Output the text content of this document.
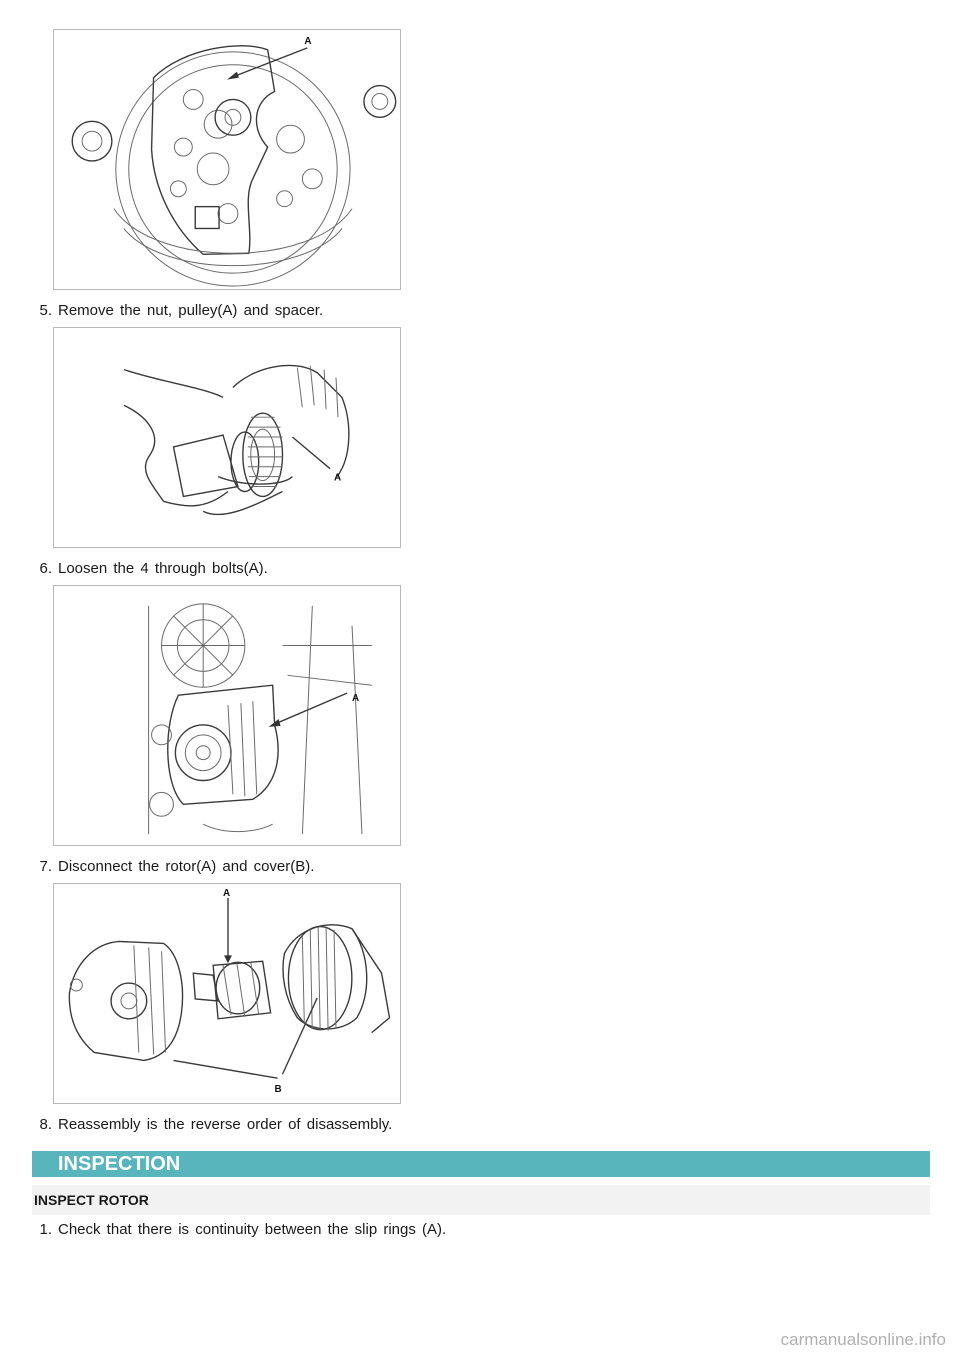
A
5. Remove the nut, pulley(A) and spacer.
A
6. Loosen the 4 through bolts(A).
A
7. Disconnect the rotor(A) and cover(B).
A
B
8. Reassembly is the reverse order of disassembly.
INSPECTION
INSPECT ROTOR
1. Check that there is continuity between the slip rings (A).
carmanualsonline.info
